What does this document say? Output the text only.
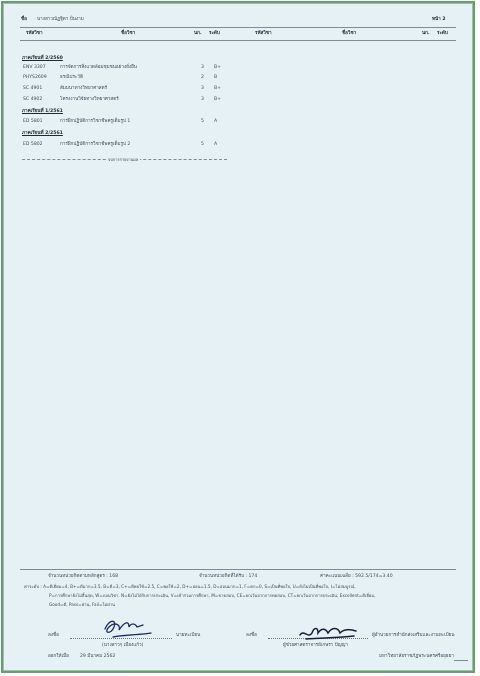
ชื่อ นางสาวณัฏฐิดา ปั่นงาม	หน้า 2
รหัสวิชา	ชื่อวิชา	นก. ระดับ	รหัสวิชา	ชื่อวิชา	นก. ระดับ
ภาคเรียนที่ 2/2560
ENV 3307	การจัดการสิ่งแวดล้อมชุมชนอย่างยั่งยืน	3 B+
PHYS2609	ธรณีประวัติ	2 B
SC 4901	สัมมนาทางวิทยาศาสตร์	3 B+
SC 4902	โครงงานวิจัยทางวิทยาศาสตร์	3 B+
ภาคเรียนที่ 1/2561
ED 5801	การฝึกปฏิบัติการวิชาชีพครูเต็มรูป 1	5 A
ภาคเรียนที่ 2/2561
ED 5802	การฝึกปฏิบัติการวิชาชีพครูเต็มรูป 2	5 A
จบการรายงานผล
จำนวนหน่วยกิตตามหลักสูตร : 168	จำนวนหน่วยกิตที่ได้รับ : 174	ค่าคะแนนเฉลี่ย : 592.5/174=3.40
ค่าระดับ : A=ดีเยี่ยม=4, B+=ดีมาก=3.5, B=ดี=3, C+=ดีพอใช้=2.5, C=พอใช้=2, D+=อ่อน=1.5, D=อ่อนมาก=1, F=ตก=0, S=เป็นที่พอใจ, U=ยังไม่เป็นที่พอใจ, I=ไม่สมบูรณ์,
P=การศึกษายังไม่สิ้นสุด, W=ถอนวิชา, N=ยังไม่ได้รับการประเมิน, V=เข้าร่วมการศึกษา, M=ขาดสอบ, CE=ยกเว้นจากการทดสอบ, CT=ยกเว้นจากการประเมิน, Excellent=ดีเยี่ยม,
Good=ดี, Pass=ผ่าน, Fail=ไม่ผ่าน
ลงชื่อ	นายทะเบียน
(นางสาวๆ เมืองแก้ว)
ลงชื่อ	ผู้อำนวยการสำนักส่งเสริมและงานทะเบียน
ผู้ช่วยศาสตราจารย์เกษรา ปัญญา
ออกให้เมื่อ 29 มีนาคม 2562	มหาวิทยาลัยราชภัฏพระนครศรีอยุธยา
